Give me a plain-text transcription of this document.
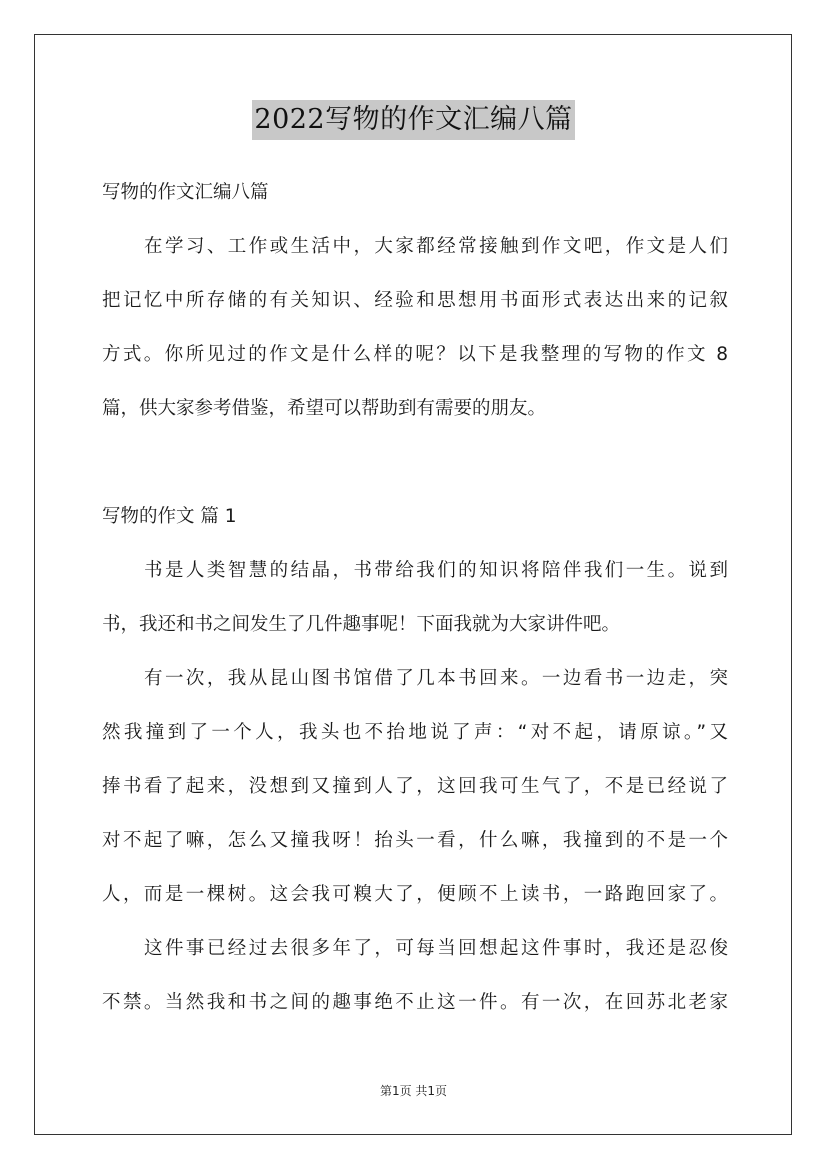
2022写物的作文汇编八篇
写物的作文汇编八篇
在学习、工作或生活中，大家都经常接触到作文吧，作文是人们
把记忆中所存储的有关知识、经验和思想用书面形式表达出来的记叙
方式。你所见过的作文是什么样的呢？以下是我整理的写物的作文 8
篇，供大家参考借鉴，希望可以帮助到有需要的朋友。
写物的作文 篇 1
书是人类智慧的结晶，书带给我们的知识将陪伴我们一生。说到
书，我还和书之间发生了几件趣事呢！下面我就为大家讲件吧。
有一次，我从昆山图书馆借了几本书回来。一边看书一边走，突
然我撞到了一个人，我头也不抬地说了声：“对不起，请原谅。”又
捧书看了起来，没想到又撞到人了，这回我可生气了，不是已经说了
对不起了嘛，怎么又撞我呀！抬头一看，什么嘛，我撞到的不是一个
人，而是一棵树。这会我可糗大了，便顾不上读书，一路跑回家了。
这件事已经过去很多年了，可每当回想起这件事时，我还是忍俊
不禁。当然我和书之间的趣事绝不止这一件。有一次，在回苏北老家
第1页 共1页
